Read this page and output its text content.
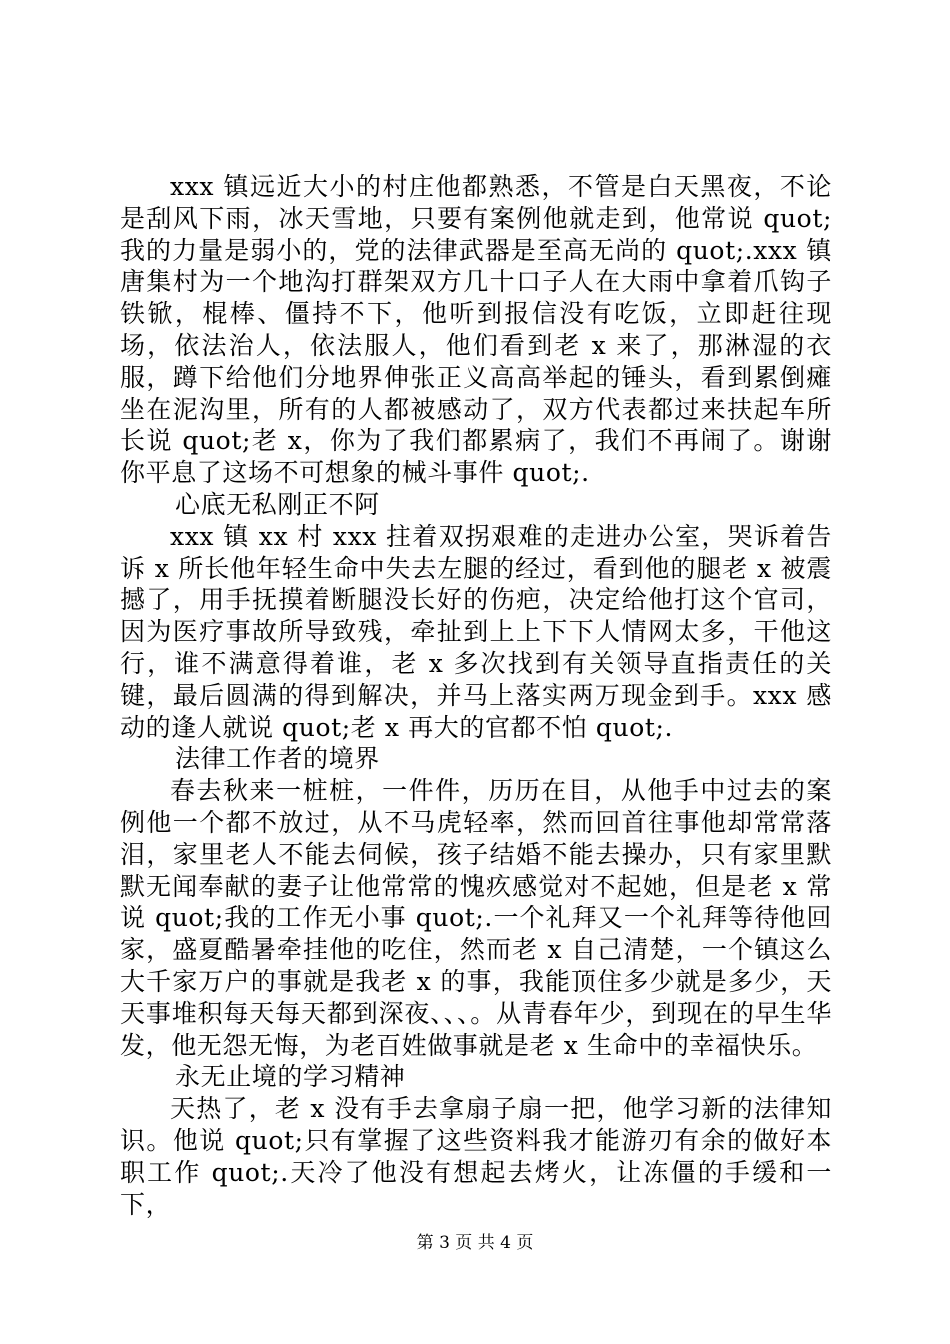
xxx 镇远近大小的村庄他都熟悉，不管是白天黑夜，不论是刮风下雨，冰天雪地，只要有案例他就走到，他常说 quot;我的力量是弱小的，党的法律武器是至高无尚的 quot;.xxx 镇唐集村为一个地沟打群架双方几十口子人在大雨中拿着爪钩子铁锨，棍棒、僵持不下，他听到报信没有吃饭，立即赶往现场，依法治人，依法服人，他们看到老 x 来了，那淋湿的衣服，蹲下给他们分地界伸张正义高高举起的锤头，看到累倒瘫坐在泥沟里，所有的人都被感动了，双方代表都过来扶起车所长说 quot;老 x，你为了我们都累病了，我们不再闹了。谢谢你平息了这场不可想象的械斗事件 quot;.

心底无私刚正不阿

xxx 镇 xx 村 xxx 拄着双拐艰难的走进办公室，哭诉着告诉 x 所长他年轻生命中失去左腿的经过，看到他的腿老 x 被震撼了，用手抚摸着断腿没长好的伤疤，决定给他打这个官司，因为医疗事故所导致残，牵扯到上上下下人情网太多，干他这行，谁不满意得着谁，老 x 多次找到有关领导直指责任的关键，最后圆满的得到解决，并马上落实两万现金到手。xxx 感动的逢人就说 quot;老 x 再大的官都不怕 quot;.

法律工作者的境界

春去秋来一桩桩，一件件，历历在目，从他手中过去的案例他一个都不放过，从不马虎轻率，然而回首往事他却常常落泪，家里老人不能去伺候，孩子结婚不能去操办，只有家里默默无闻奉献的妻子让他常常的愧疚感觉对不起她，但是老 x 常说 quot;我的工作无小事 quot;.一个礼拜又一个礼拜等待他回家，盛夏酷暑牵挂他的吃住，然而老 x 自己清楚，一个镇这么大千家万户的事就是我老 x 的事，我能顶住多少就是多少，天天事堆积每天每天都到深夜、、、。从青春年少，到现在的早生华发，他无怨无悔，为老百姓做事就是老 x 生命中的幸福快乐。

永无止境的学习精神

天热了，老 x 没有手去拿扇子扇一把，他学习新的法律知识。他说 quot;只有掌握了这些资料我才能游刃有余的做好本职工作 quot;.天冷了他没有想起去烤火，让冻僵的手缓和一下，

第 3 页 共 4 页
